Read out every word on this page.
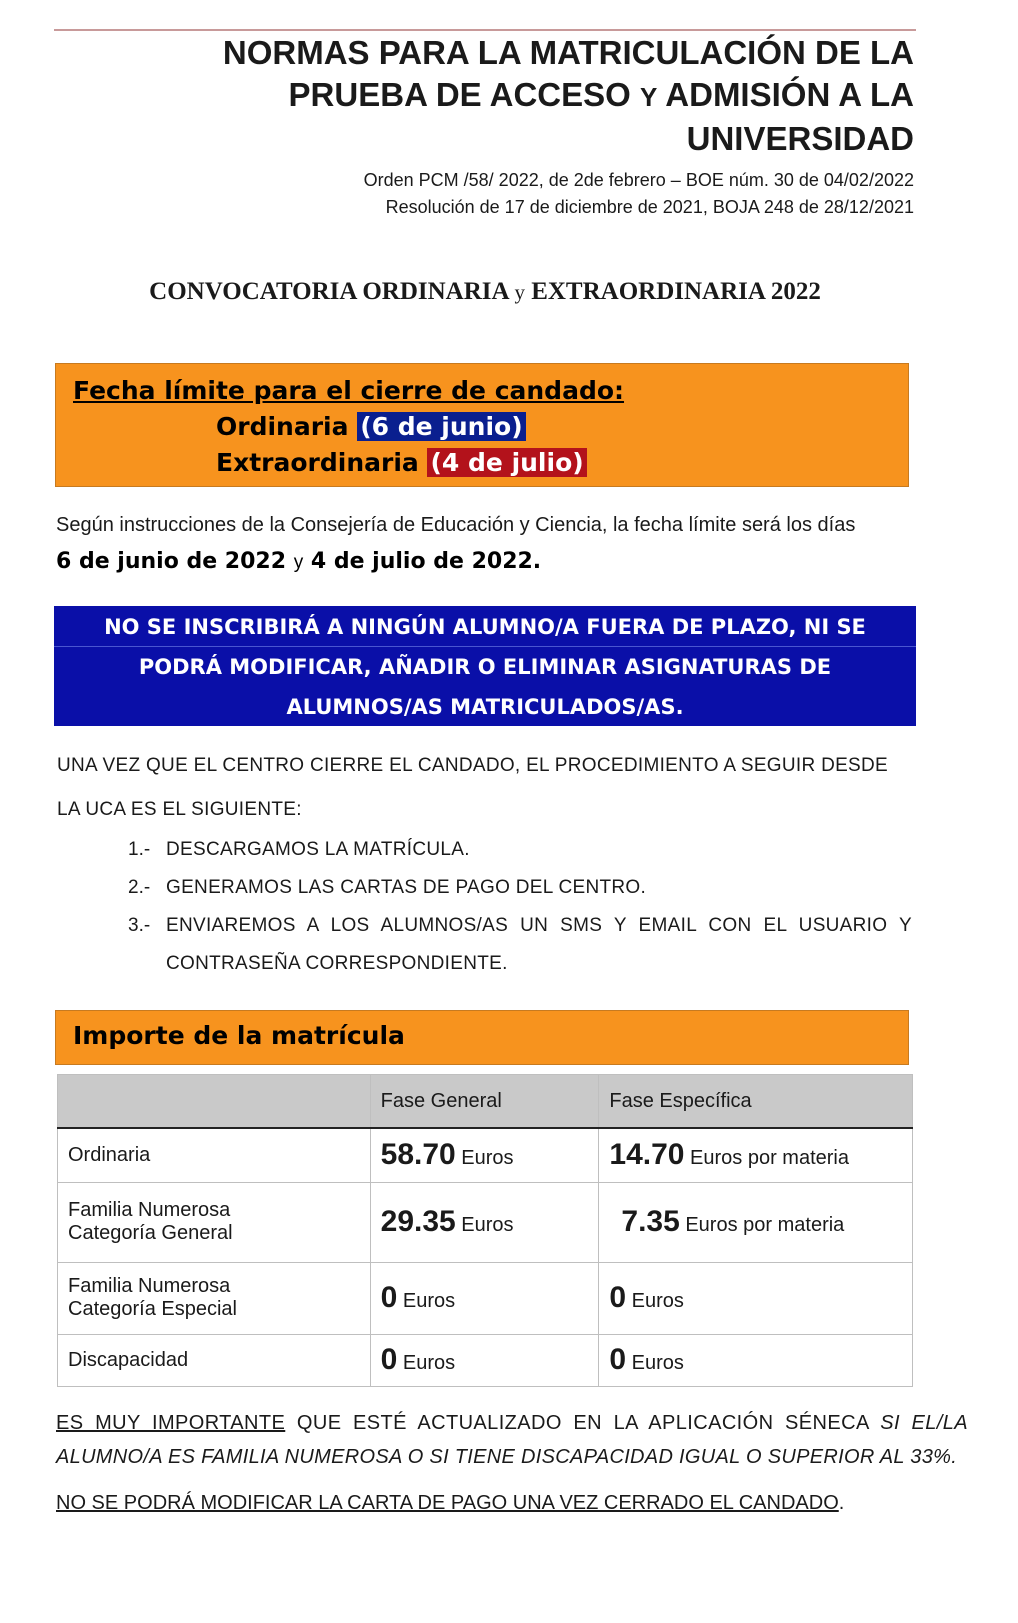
NORMAS PARA LA MATRICULACIÓN DE LA
PRUEBA DE ACCESO Y ADMISIÓN A LA
UNIVERSIDAD
Orden PCM /58/ 2022, de 2de febrero – BOE núm. 30 de 04/02/2022
Resolución de 17 de diciembre de 2021, BOJA 248 de 28/12/2021
CONVOCATORIA ORDINARIA y EXTRAORDINARIA 2022
Fecha límite para el cierre de candado:
Ordinaria (6 de junio)
Extraordinaria (4 de julio)
Según instrucciones de la Consejería de Educación y Ciencia, la fecha límite será los días
6 de junio de 2022 y 4 de julio de 2022.
NO SE INSCRIBIRÁ A NINGÚN ALUMNO/A FUERA DE PLAZO, NI SE
PODRÁ MODIFICAR, AÑADIR O ELIMINAR ASIGNATURAS DE
ALUMNOS/AS MATRICULADOS/AS.
UNA VEZ QUE EL CENTRO CIERRE EL CANDADO, EL PROCEDIMIENTO A SEGUIR DESDE
LA UCA ES EL SIGUIENTE:
1.- DESCARGAMOS LA MATRÍCULA.
2.- GENERAMOS LAS CARTAS DE PAGO DEL CENTRO.
3.- ENVIAREMOS A LOS ALUMNOS/AS UN SMS Y EMAIL CON EL USUARIO Y
CONTRASEÑA CORRESPONDIENTE.
Importe de la matrícula
	Fase General	Fase Específica
Ordinaria	58.70 Euros	14.70 Euros por materia

Familia Numerosa
Categoría General	29.35 Euros	7.35 Euros por materia

Familia Numerosa
Categoría Especial	0 Euros	0 Euros
Discapacidad	0 Euros	0 Euros
ES MUY IMPORTANTE QUE ESTÉ ACTUALIZADO EN LA APLICACIÓN SÉNECA SI EL/LA
ALUMNO/A ES FAMILIA NUMEROSA O SI TIENE DISCAPACIDAD IGUAL O SUPERIOR AL 33%.
NO SE PODRÁ MODIFICAR LA CARTA DE PAGO UNA VEZ CERRADO EL CANDADO.
